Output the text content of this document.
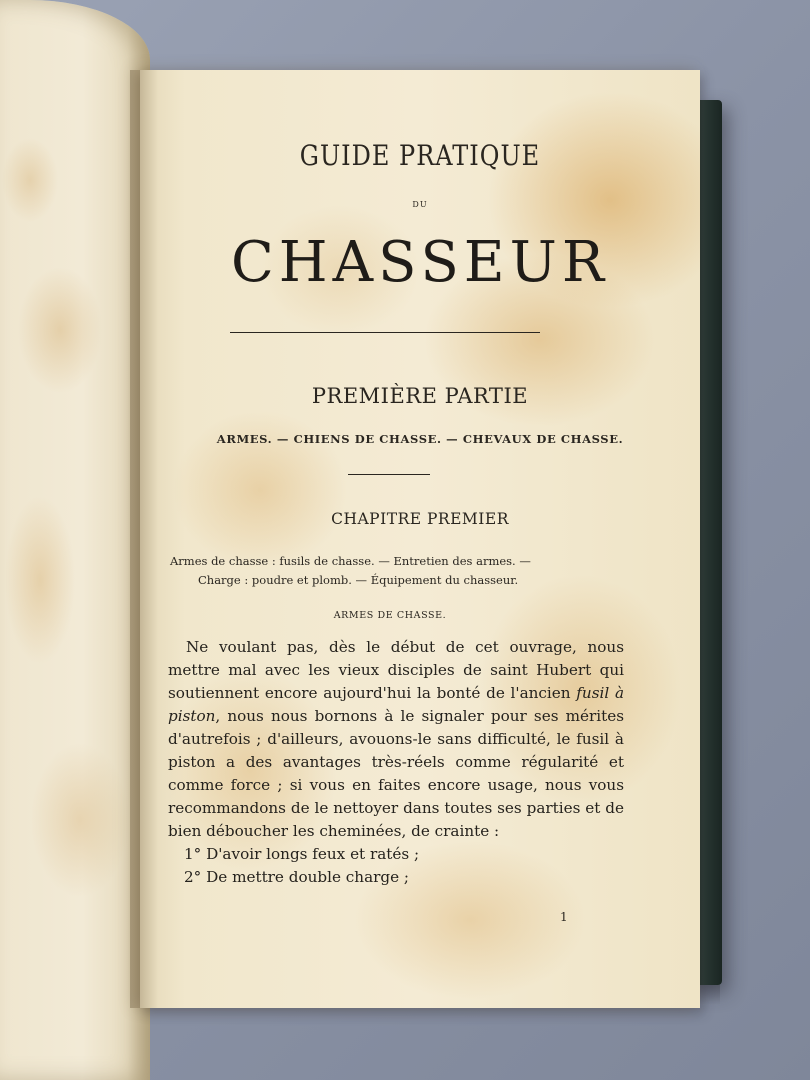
GUIDE PRATIQUE
DU
CHASSEUR
PREMIÈRE PARTIE
ARMES. — CHIENS DE CHASSE. — CHEVAUX DE CHASSE.
CHAPITRE PREMIER
Armes de chasse : fusils de chasse. — Entretien des armes. —
Charge : poudre et plomb. — Équipement du chasseur.
ARMES DE CHASSE.

Ne voulant pas, dès le début de cet ouvrage, nous mettre mal avec les vieux disciples de saint Hubert qui soutiennent encore aujourd'hui la bonté de l'ancien fusil à piston, nous nous bornons à le signaler pour ses mérites d'autrefois ; d'ailleurs, avouons-le sans difficulté, le fusil à piston a des avantages très-réels comme régularité et comme force ; si vous en faites encore usage, nous vous recommandons de le nettoyer dans toutes ses parties et de bien déboucher les cheminées, de crainte :

1° D'avoir longs feux et ratés ;
2° De mettre double charge ;
1
